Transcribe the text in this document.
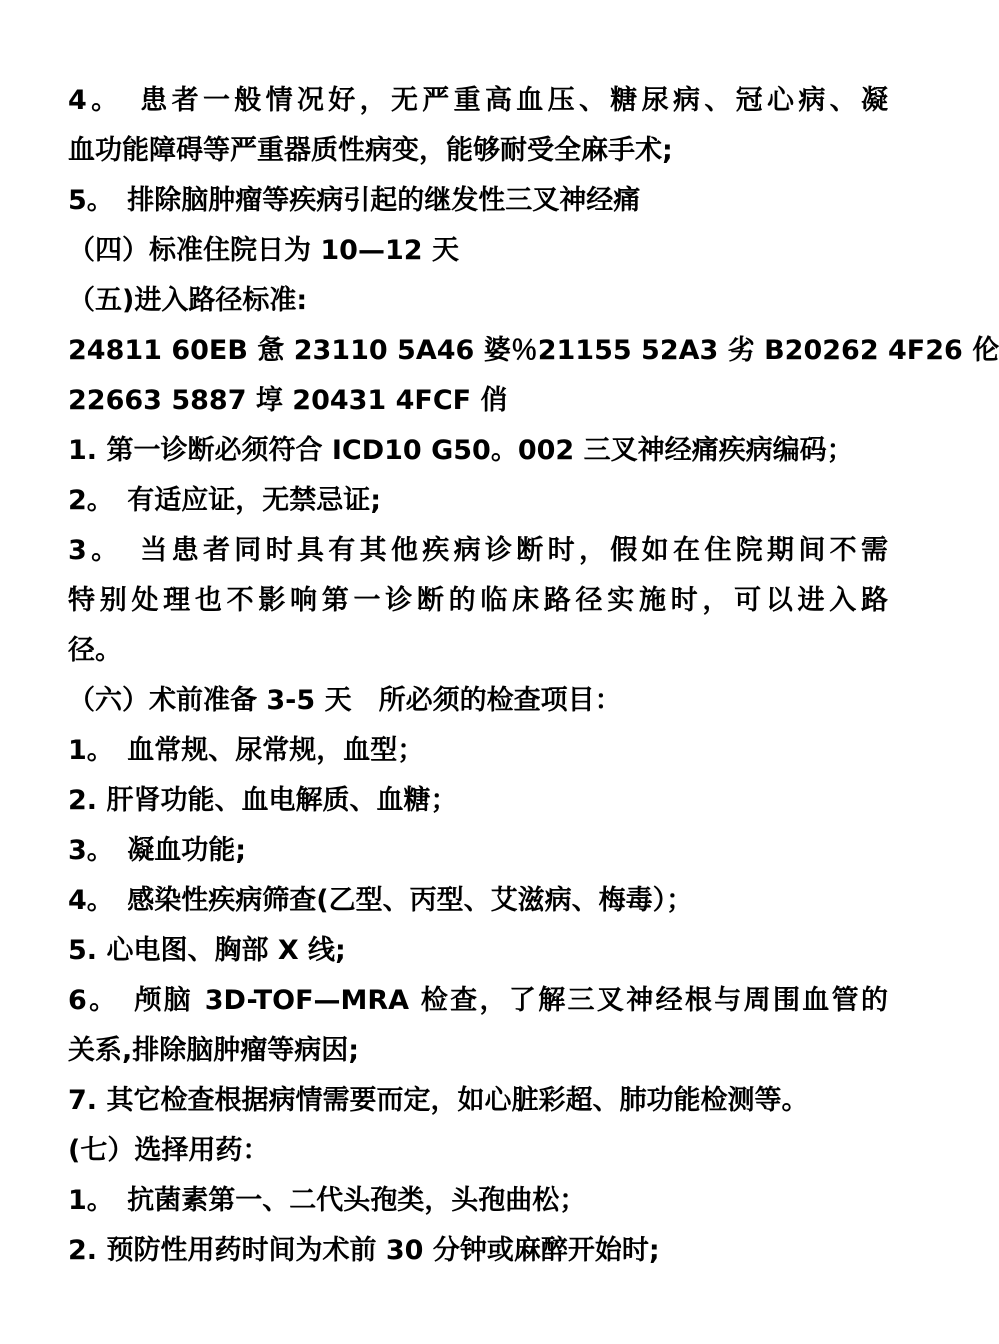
4。　患者一般情况好，无严重高血压、糖尿病、冠心病、凝
血功能障碍等严重器质性病变，能够耐受全麻手术;
5。　排除脑肿瘤等疾病引起的继发性三叉神经痛
（四）标准住院日为 10—12 天
（五)进入路径标准:
24811 60EB 惫 23110 5A46 婆％21155 52A3 劣 B20262 4F26 伦
22663 5887 埻 20431 4FCF 俏
1. 第一诊断必须符合 ICD10 G50。002 三叉神经痛疾病编码；
2。　有适应证，无禁忌证;
3。　当患者同时具有其他疾病诊断时，假如在住院期间不需
特别处理也不影响第一诊断的临床路径实施时，可以进入路
径。
（六）术前准备 3-5 天　所必须的检查项目：
1。　血常规、尿常规，血型；
2. 肝肾功能、血电解质、血糖；
3。　凝血功能;
4。　感染性疾病筛查(乙型、丙型、艾滋病、梅毒）；
5. 心电图、胸部 X 线;
6。　颅脑 3D-TOF—MRA 检查，了解三叉神经根与周围血管的
关系,排除脑肿瘤等病因;
7. 其它检查根据病情需要而定，如心脏彩超、肺功能检测等。
(七）选择用药：
1。　抗菌素第一、二代头孢类，头孢曲松；
2. 预防性用药时间为术前 30 分钟或麻醉开始时;
